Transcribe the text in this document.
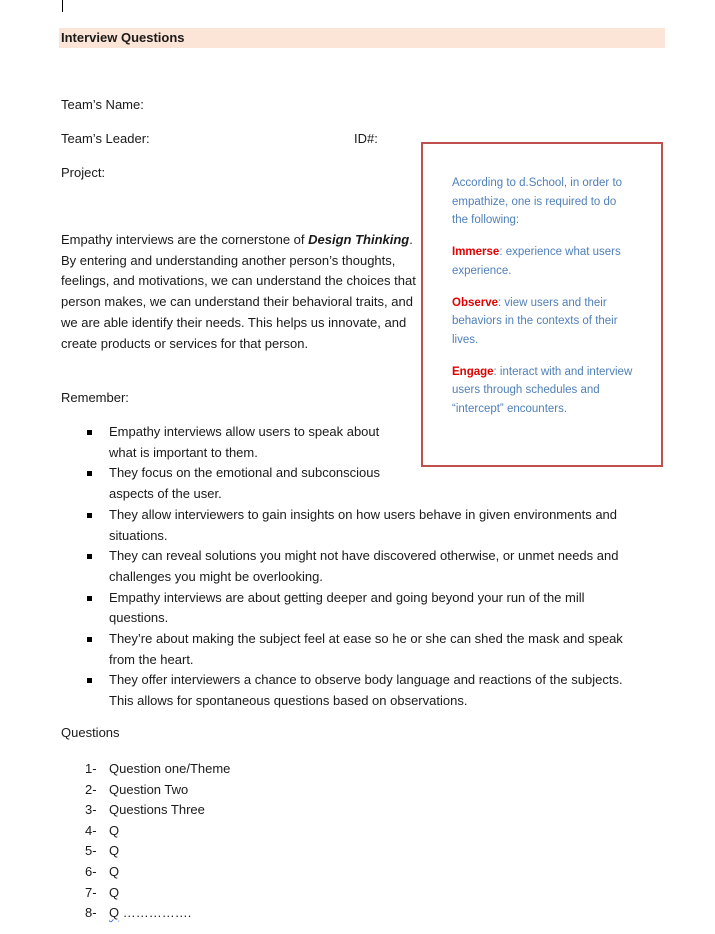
Interview Questions
Team’s Name:
Team’s Leader:	ID#:
Project:
Empathy interviews are the cornerstone of Design Thinking. By entering and understanding another person’s thoughts, feelings, and motivations, we can understand the choices that person makes, we can understand their behavioral traits, and we are able identify their needs. This helps us innovate, and create products or services for that person.
Remember:
Empathy interviews allow users to speak about what is important to them.
They focus on the emotional and subconscious aspects of the user.
They allow interviewers to gain insights on how users behave in given environments and situations.
They can reveal solutions you might not have discovered otherwise, or unmet needs and challenges you might be overlooking.
Empathy interviews are about getting deeper and going beyond your run of the mill questions.
They’re about making the subject feel at ease so he or she can shed the mask and speak from the heart.
They offer interviewers a chance to observe body language and reactions of the subjects. This allows for spontaneous questions based on observations.
Questions
1- Question one/Theme
2- Question Two
3- Questions Three
4- Q
5- Q
6- Q
7- Q
8- Q …………….

According to d.School, in order to empathize, one is required to do the following:

Immerse: experience what users experience.

Observe: view users and their behaviors in the contexts of their lives.

Engage: interact with and interview users through schedules and “intercept” encounters.
